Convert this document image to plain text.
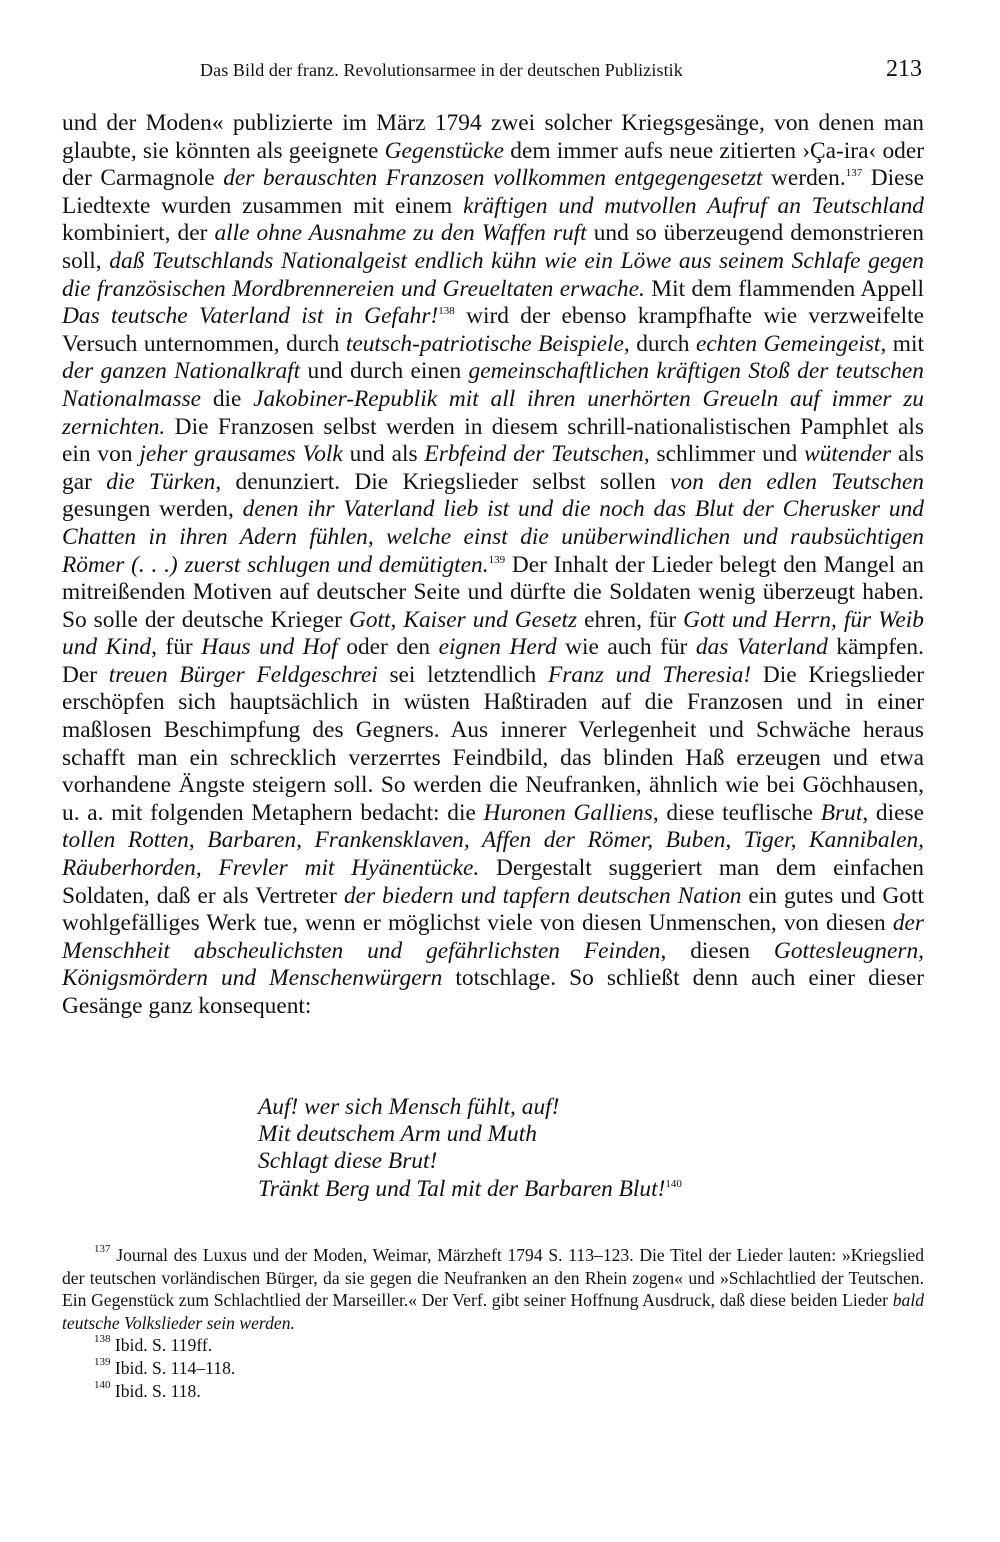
Das Bild der franz. Revolutionsarmee in der deutschen Publizistik	213

und der Moden« publizierte im März 1794 zwei solcher Kriegsgesänge, von denen man glaubte, sie könnten als geeignete Gegenstücke dem immer aufs neue zitierten ›Ça-ira‹ oder der Carmagnole der berauschten Franzosen vollkommen entgegengesetzt werden.$^{137}$ Diese Liedtexte wurden zusammen mit einem kräftigen und mutvollen Aufruf an Teutschland kombiniert, der alle ohne Ausnahme zu den Waffen ruft und so überzeugend demonstrieren soll, daß Teutschlands Nationalgeist endlich kühn wie ein Löwe aus seinem Schlafe gegen die französischen Mordbrennereien und Greueltaten erwache. Mit dem flammenden Appell Das teutsche Vaterland ist in Gefahr!$^{138}$ wird der ebenso krampfhafte wie verzweifelte Versuch unternommen, durch teutsch-patriotische Beispiele, durch echten Gemeingeist, mit der ganzen Nationalkraft und durch einen gemeinschaftlichen kräftigen Stoß der teutschen Nationalmasse die Jakobiner-Republik mit all ihren unerhörten Greueln auf immer zu zernichten. Die Franzosen selbst werden in diesem schrill-nationalistischen Pamphlet als ein von jeher grausames Volk und als Erbfeind der Teutschen, schlimmer und wütender als gar die Türken, denunziert. Die Kriegslieder selbst sollen von den edlen Teutschen gesungen werden, denen ihr Vaterland lieb ist und die noch das Blut der Cherusker und Chatten in ihren Adern fühlen, welche einst die unüberwindlichen und raubsüchtigen Römer (. . .) zuerst schlugen und demütigten.$^{139}$ Der Inhalt der Lieder belegt den Mangel an mitreißenden Motiven auf deutscher Seite und dürfte die Soldaten wenig überzeugt haben. So solle der deutsche Krieger Gott, Kaiser und Gesetz ehren, für Gott und Herrn, für Weib und Kind, für Haus und Hof oder den eignen Herd wie auch für das Vaterland kämpfen. Der treuen Bürger Feldgeschrei sei letztendlich Franz und Theresia! Die Kriegslieder erschöpfen sich hauptsächlich in wüsten Haßtiraden auf die Franzosen und in einer maßlosen Beschimpfung des Gegners. Aus innerer Verlegenheit und Schwäche heraus schafft man ein schrecklich verzerrtes Feindbild, das blinden Haß erzeugen und etwa vorhandene Ängste steigern soll. So werden die Neufranken, ähnlich wie bei Göchhausen, u. a. mit folgenden Metaphern bedacht: die Huronen Galliens, diese teuflische Brut, diese tollen Rotten, Barbaren, Frankensklaven, Affen der Römer, Buben, Tiger, Kannibalen, Räuberhorden, Frevler mit Hyänentücke. Dergestalt suggeriert man dem einfachen Soldaten, daß er als Vertreter der biedern und tapfern deutschen Nation ein gutes und Gott wohlgefälliges Werk tue, wenn er möglichst viele von diesen Unmenschen, von diesen der Menschheit abscheulichsten und gefährlichsten Feinden, diesen Gottesleugnern, Königsmördern und Menschenwürgern totschlage. So schließt denn auch einer dieser Gesänge ganz konsequent:

Auf! wer sich Mensch fühlt, auf!
Mit deutschem Arm und Muth
Schlagt diese Brut!
Tränkt Berg und Tal mit der Barbaren Blut!$^{140}$

$^{137}$ Journal des Luxus und der Moden, Weimar, Märzheft 1794 S. 113–123. Die Titel der Lieder lauten: »Kriegslied der teutschen vorländischen Bürger, da sie gegen die Neufranken an den Rhein zogen« und »Schlachtlied der Teutschen. Ein Gegenstück zum Schlachtlied der Marseiller.« Der Verf. gibt seiner Hoffnung Ausdruck, daß diese beiden Lieder bald teutsche Volkslieder sein werden.

$^{138}$ Ibid. S. 119ff.

$^{139}$ Ibid. S. 114–118.

$^{140}$ Ibid. S. 118.
